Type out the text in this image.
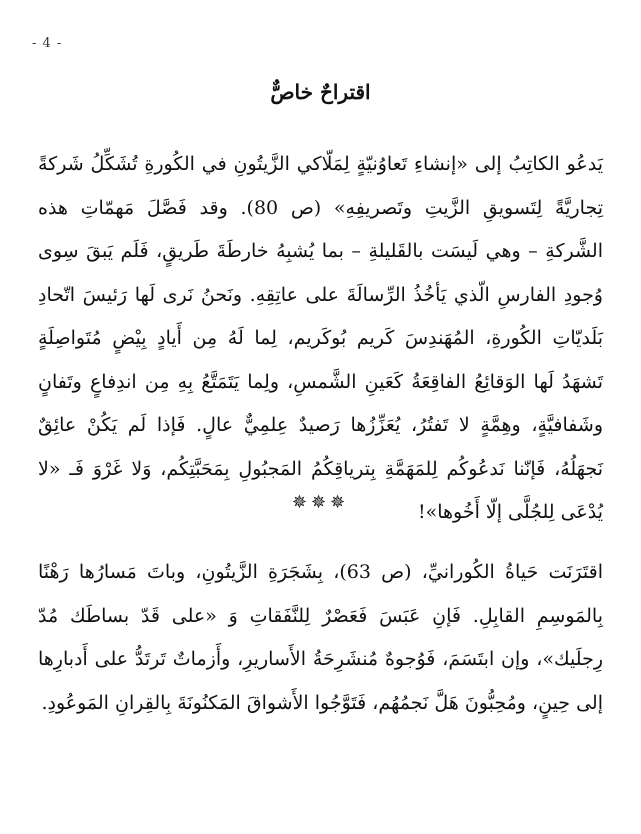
- 4 -
اقتراحٌ خاصٌّ

يَدعُو الكاتِبُ إلى «إنشاءِ تَعاوُنيّةٍ لِمَلّاكي الزَّيتُونِ في الكُورةِ تُشَكِّلُ شَركةً تِجاريَّةً لِتَسويقِ الزَّيتِ وتَصريفِهِ» (ص 80). وقد فَصَّلَ مَهمّاتِ هذه الشَّركةِ – وهي لَيسَت بالقَليلةِ – بما يُشبِهُ خارطَةَ طَريقٍ، فَلَم يَبقَ سِوى وُجودِ الفارسِ الّذي يَأخُذُ الرِّسالَةَ على عاتِقِهِ. ونَحنُ نَرى لَها رَئيسَ اتّحادِ بَلَديّاتِ الكُورةِ، المُهَندِسَ كَريم بُوكَريم، لِما لَهُ مِن أَيادٍ بِيْضٍ مُتَواصِلَةٍ تَشهَدُ لَها الوَقائِعُ الفاقِعَةُ كَعَينِ الشَّمسِ، ولِما يَتَمَتَّعُ بِهِ مِن اندِفاعٍ وتَفانٍ وشَفافيَّةٍ، وهِمَّةٍ لا تَفتُرُ، يُعَزِّزُها رَصيدٌ عِلمِيٌّ عالٍ. فَإذا لَم يَكُنْ عائِقٌ نَجهَلُهُ، فَإنّنا نَدعُوكُم لِلمَهَمَّةِ بِترياقِكُمُ المَجبُولِ بِمَحَبَّتِكُم، وَلا غَرْوَ فَـ «لا يُدْعَى لِلجُلَّى إلّا أَخُوها»!

✵✵✵

اقتَرَنَت حَياةُ الكُورانيِّ، (ص 63)، بِشَجَرَةِ الزَّيتُونِ، وباتَ مَسارُها رَهْنًا بِالمَوسِمِ القابِلِ. فَإنِ عَبَسَ فَعَصْرٌ لِلنَّفَقاتِ وَ «على قَدّ بساطَك مُدّ رِجلَيك»، وإن ابتَسَمَ، فَوُجوهٌ مُنشَرِحَةُ الأَساريرِ، وأَزماتٌ تَرتَدُّ على أَدبارِها إلى حِينٍ، ومُحِبُّونَ هَلَّ نَجمُهُم، فَتَوَّجُوا الأَشواقَ المَكنُونَةَ بِالقِرانِ المَوعُودِ.
